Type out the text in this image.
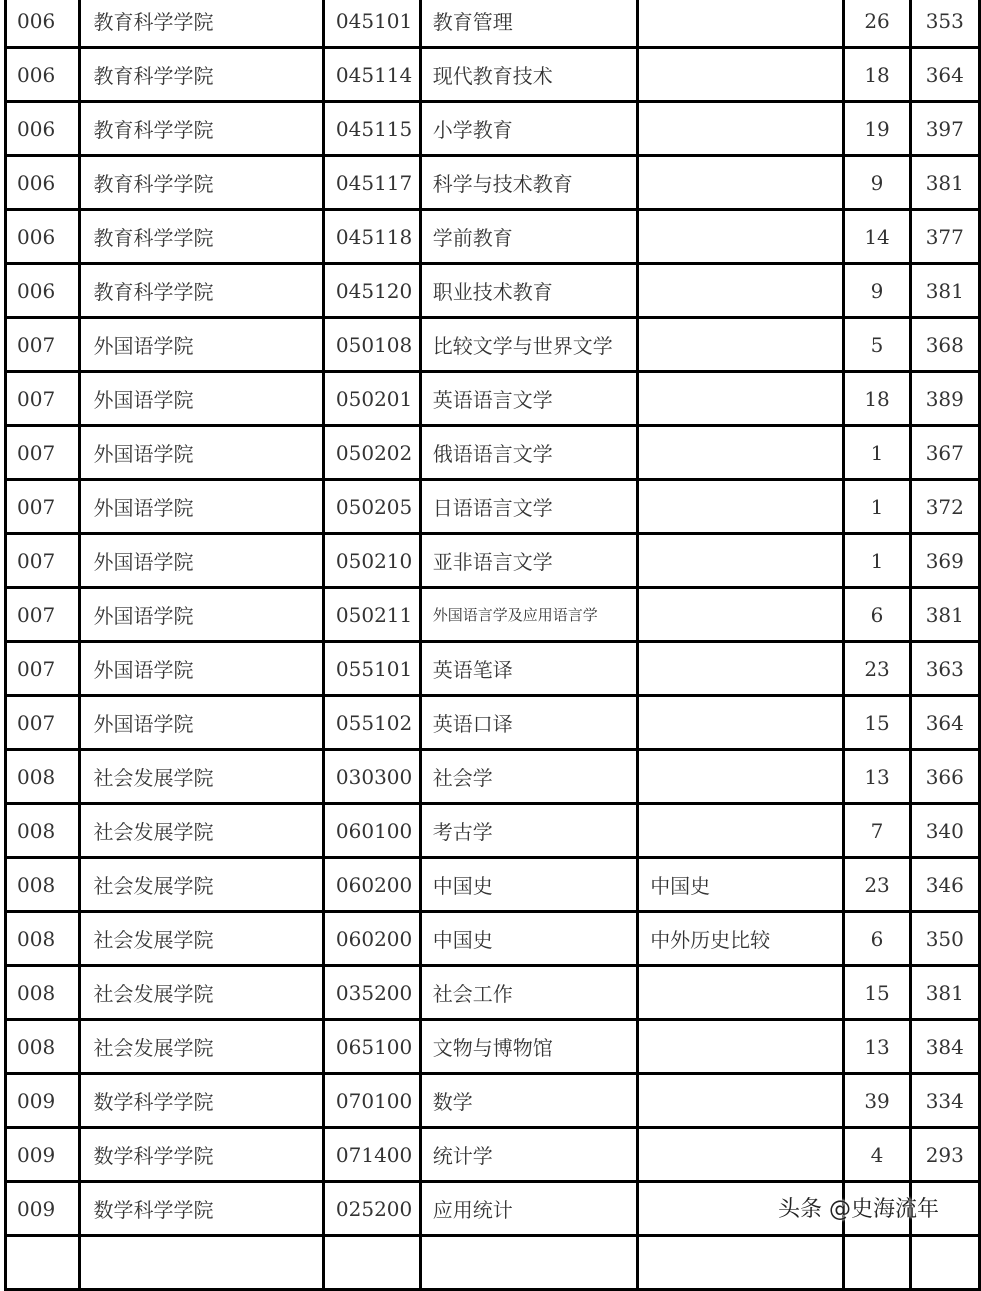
006	教育科学学院	045101	教育管理		26	353
006	教育科学学院	045114	现代教育技术		18	364
006	教育科学学院	045115	小学教育		19	397
006	教育科学学院	045117	科学与技术教育		9	381
006	教育科学学院	045118	学前教育		14	377
006	教育科学学院	045120	职业技术教育		9	381
007	外国语学院	050108	比较文学与世界文学		5	368
007	外国语学院	050201	英语语言文学		18	389
007	外国语学院	050202	俄语语言文学		1	367
007	外国语学院	050205	日语语言文学		1	372
007	外国语学院	050210	亚非语言文学		1	369
007	外国语学院	050211	外国语言学及应用语言学		6	381
007	外国语学院	055101	英语笔译		23	363
007	外国语学院	055102	英语口译		15	364
008	社会发展学院	030300	社会学		13	366
008	社会发展学院	060100	考古学		7	340
008	社会发展学院	060200	中国史	中国史	23	346
008	社会发展学院	060200	中国史	中外历史比较	6	350
008	社会发展学院	035200	社会工作		15	381
008	社会发展学院	065100	文物与博物馆		13	384
009	数学科学学院	070100	数学		39	334
009	数学科学学院	071400	统计学		4	293
009	数学科学学院	025200	应用统计			
							头条 @史海流年
